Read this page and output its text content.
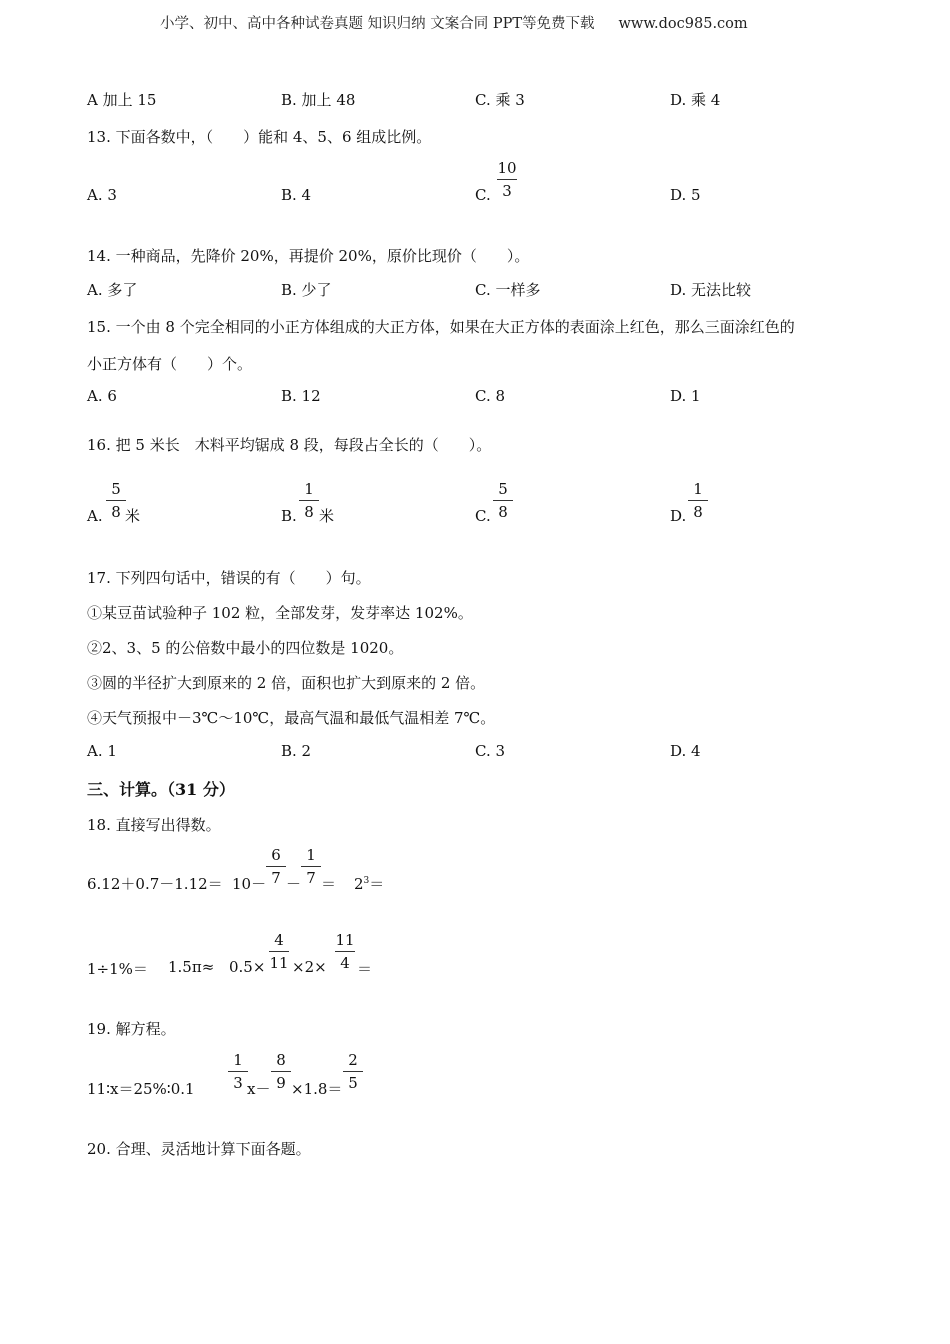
小学、初中、高中各种试卷真题 知识归纳 文案合同 PPT等免费下载 www.doc985.com
A 加上 15	B. 加上 48	C. 乘 3	D. 乘 4
13. 下面各数中，（　　）能和 4、5、6 组成比例。
A. 3	B. 4	C.
10
3	D. 5
14. 一种商品，先降价 20%，再提价 20%，原价比现价（　　）。
A. 多了	B. 少了	C. 一样多	D. 无法比较
15. 一个由 8 个完全相同的小正方体组成的大正方体，如果在大正方体的表面涂上红色，那么三面涂红色的
小正方体有（　　）个。
A. 6	B. 12	C. 8	D. 1
16. 把 5 米长　木料平均锯成 8 段，每段占全长的（　　）。
A.
5
8 米	B.
1
8 米	C.
5
8	D.
1
8
17. 下列四句话中，错误的有（　　）句。
①某豆苗试验种子 102 粒，全部发芽，发芽率达 102%。
②2、3、5 的公倍数中最小的四位数是 1020。
③圆的半径扩大到原来的 2 倍，面积也扩大到原来的 2 倍。
④天气预报中－3℃～10℃，最高气温和最低气温相差 7℃。
A. 1	B. 2	C. 3	D. 4
三、计算。（31 分）
18. 直接写出得数。
6.12＋0.7－1.12＝ 10－
6
7 －
1
$7 = 2^3=$
1÷1%＝ 1.5π≈ 0.5×
4
11 ×2×
11
4 ＝
19. 解方程。
11∶x＝25%∶0.1
1
3 x－
8
9 ×1.8＝
2
5
20. 合理、灵活地计算下面各题。
